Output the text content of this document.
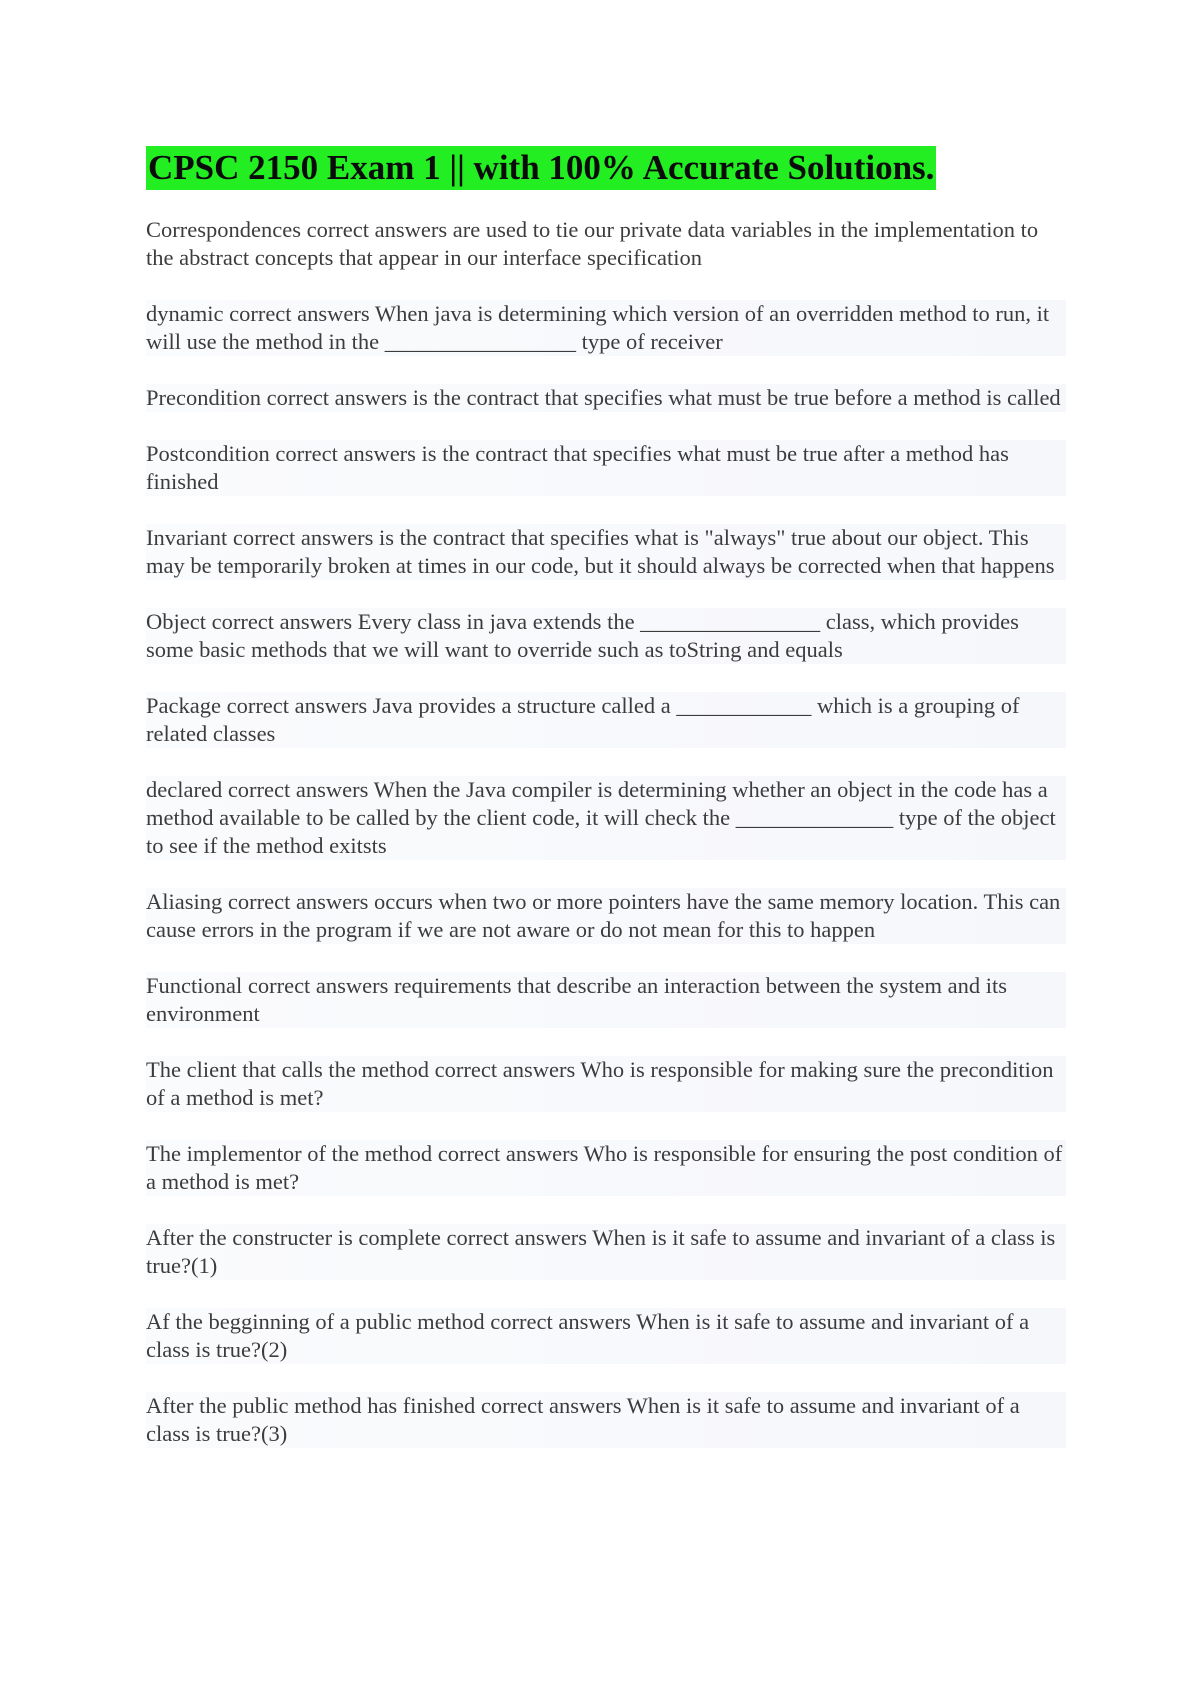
CPSC 2150 Exam 1 || with 100% Accurate Solutions.

Correspondences correct answers are used to tie our private data variables in the implementation to the abstract concepts that appear in our interface specification

dynamic correct answers When java is determining which version of an overridden method to run, it will use the method in the _________________ type of receiver

Precondition correct answers is the contract that specifies what must be true before a method is called

Postcondition correct answers is the contract that specifies what must be true after a method has finished

Invariant correct answers is the contract that specifies what is "always" true about our object. This may be temporarily broken at times in our code, but it should always be corrected when that happens

Object correct answers Every class in java extends the ________________ class, which provides some basic methods that we will want to override such as toString and equals

Package correct answers Java provides a structure called a ____________ which is a grouping of related classes

declared correct answers When the Java compiler is determining whether an object in the code has a method available to be called by the client code, it will check the ______________ type of the object to see if the method exitsts

Aliasing correct answers occurs when two or more pointers have the same memory location. This can cause errors in the program if we are not aware or do not mean for this to happen

Functional correct answers requirements that describe an interaction between the system and its environment

The client that calls the method correct answers Who is responsible for making sure the precondition of a method is met?

The implementor of the method correct answers Who is responsible for ensuring the post condition of a method is met?

After the constructer is complete correct answers When is it safe to assume and invariant of a class is true?(1)

Af the begginning of a public method correct answers When is it safe to assume and invariant of a class is true?(2)

After the public method has finished correct answers When is it safe to assume and invariant of a class is true?(3)
